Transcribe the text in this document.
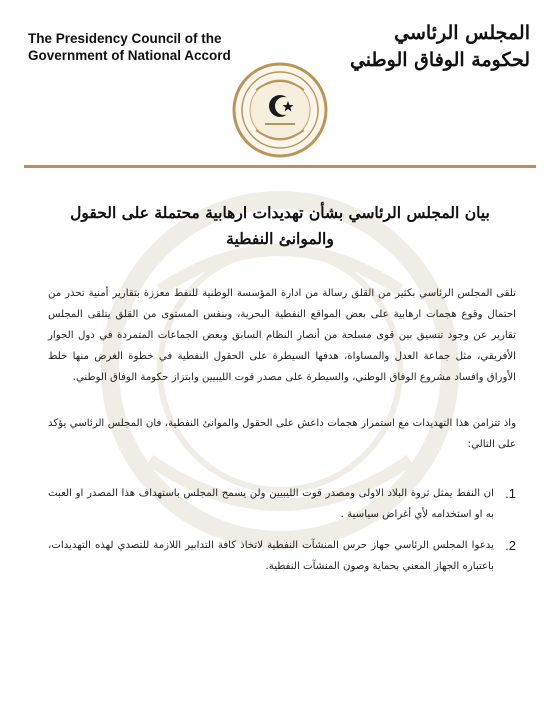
The Presidency Council of the
Government of National Accord
المجلس الرئاسي
لحكومة الوفاق الوطني
بيان المجلس الرئاسي بشأن تهديدات ارهابية محتملة على الحقول
والموانئ النفطية
تلقى المجلس الرئاسي بكثير من القلق رسالة من ادارة المؤسسة الوطنية للنفط معززة بتقارير أمنية تحذر من احتمال وقوع هجمات ارهابية على بعض المواقع النفطية البحرية، وبنفس المستوى من القلق يتلقى المجلس تقارير عن وجود تنسيق بين قوى مسلحة من أنصار النظام السابق وبعض الجماعات المتمردة في دول الجوار الأفريقي، مثل جماعة العدل والمساواة، هدفها السيطرة على الحقول النفطية في خطوة الغرض منها خلط الأوراق وافساد مشروع الوفاق الوطني، والسيطرة على مصدر قوت الليبيين وابتزاز حكومة الوفاق الوطني.
واذ تتزامن هذا التهديدات مع استمرار هجمات داعش على الحقول والموانئ النفطية، فان المجلس الرئاسي يؤكد على التالي:
1.
ان النفط يمثل ثروة البلاد الاولى ومصدر قوت الليبيين ولن يسمح المجلس باستهداف هذا المصدر او العبث به او استخدامه لأي أغراض سياسية .
2.
يدعوا المجلس الرئاسي جهاز حرس المنشآت النفطية لاتخاذ كافة التدابير اللازمة للتصدي لهذه التهديدات، باعتباره الجهاز المعني بحماية وصون المنشآت النفطية.
